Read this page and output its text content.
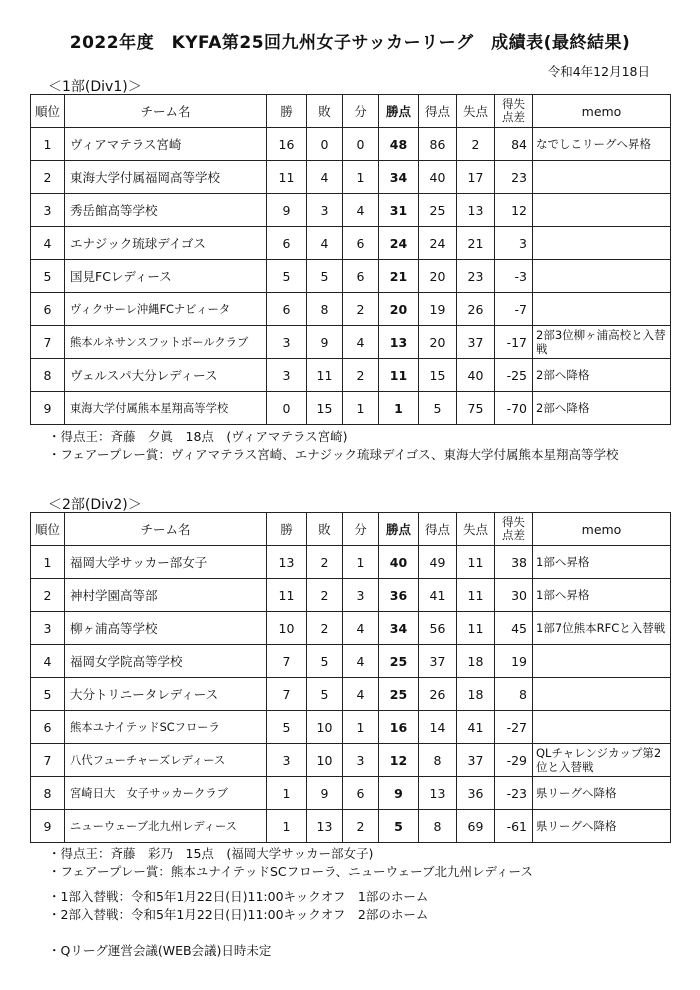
2022年度　KYFA第25回九州女子サッカーリーグ　成績表(最終結果)
令和4年12月18日
＜1部(Div1)＞
順位	チーム名	勝	敗	分	勝点	得点	失点	得失点差	memo
1	ヴィアマテラス宮崎	16	0	0	48	86	2	84	なでしこリーグへ昇格
2	東海大学付属福岡高等学校	11	4	1	34	40	17	23	
3	秀岳館高等学校	9	3	4	31	25	13	12	
4	エナジック琉球デイゴス	6	4	6	24	24	21	3	
5	国見FCレディース	5	5	6	21	20	23	-3	
6	ヴィクサーレ沖縄FCナビィータ	6	8	2	20	19	26	-7	
7	熊本ルネサンスフットボールクラブ	3	9	4	13	20	37	-17	2部3位柳ヶ浦高校と入替戦
8	ヴェルスパ大分レディース	3	11	2	11	15	40	-25	2部へ降格
9	東海大学付属熊本星翔高等学校	0	15	1	1	5	75	-70	2部へ降格
・得点王：斉藤　夕眞　18点　(ヴィアマテラス宮崎)
・フェアープレー賞：ヴィアマテラス宮崎、エナジック琉球デイゴス、東海大学付属熊本星翔高等学校
＜2部(Div2)＞
順位	チーム名	勝	敗	分	勝点	得点	失点	得失点差	memo
1	福岡大学サッカー部女子	13	2	1	40	49	11	38	1部へ昇格
2	神村学園高等部	11	2	3	36	41	11	30	1部へ昇格
3	柳ヶ浦高等学校	10	2	4	34	56	11	45	1部7位熊本RFCと入替戦
4	福岡女学院高等学校	7	5	4	25	37	18	19	
5	大分トリニータレディース	7	5	4	25	26	18	8	
6	熊本ユナイテッドSCフローラ	5	10	1	16	14	41	-27	
7	八代フューチャーズレディース	3	10	3	12	8	37	-29	QLチャレンジカップ第2位と入替戦
8	宮崎日大　女子サッカークラブ	1	9	6	9	13	36	-23	県リーグへ降格
9	ニューウェーブ北九州レディース	1	13	2	5	8	69	-61	県リーグへ降格
・得点王：斉藤　彩乃　15点　(福岡大学サッカー部女子)
・フェアープレー賞：熊本ユナイテッドSCフローラ、ニューウェーブ北九州レディース
・1部入替戦：令和5年1月22日(日)11:00キックオフ　1部のホーム
・2部入替戦：令和5年1月22日(日)11:00キックオフ　2部のホーム
・Qリーグ運営会議(WEB会議)日時未定
